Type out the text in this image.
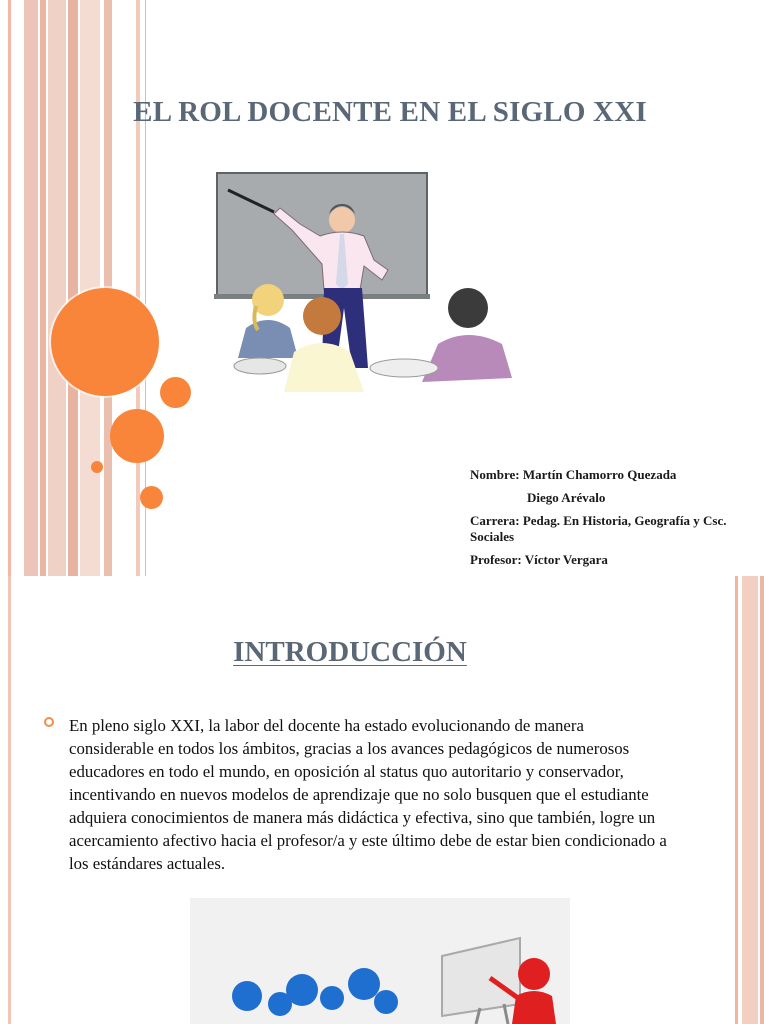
EL ROL DOCENTE EN EL SIGLO XXI
Nombre: Martín Chamorro Quezada
Diego Arévalo
Carrera: Pedag. En Historia, Geografía y Csc. Sociales
Profesor: Víctor Vergara
INTRODUCCIÓN

En pleno siglo XXI, la labor del docente ha estado evolucionando de manera considerable en todos los ámbitos, gracias a los avances pedagógicos de numerosos educadores en todo el mundo, en oposición al status quo autoritario y conservador, incentivando en nuevos modelos de aprendizaje que no solo busquen que el estudiante adquiera conocimientos de manera más didáctica y efectiva, sino que también, logre un acercamiento afectivo hacia el profesor/a y este último debe de estar bien condicionado a los estándares actuales.
